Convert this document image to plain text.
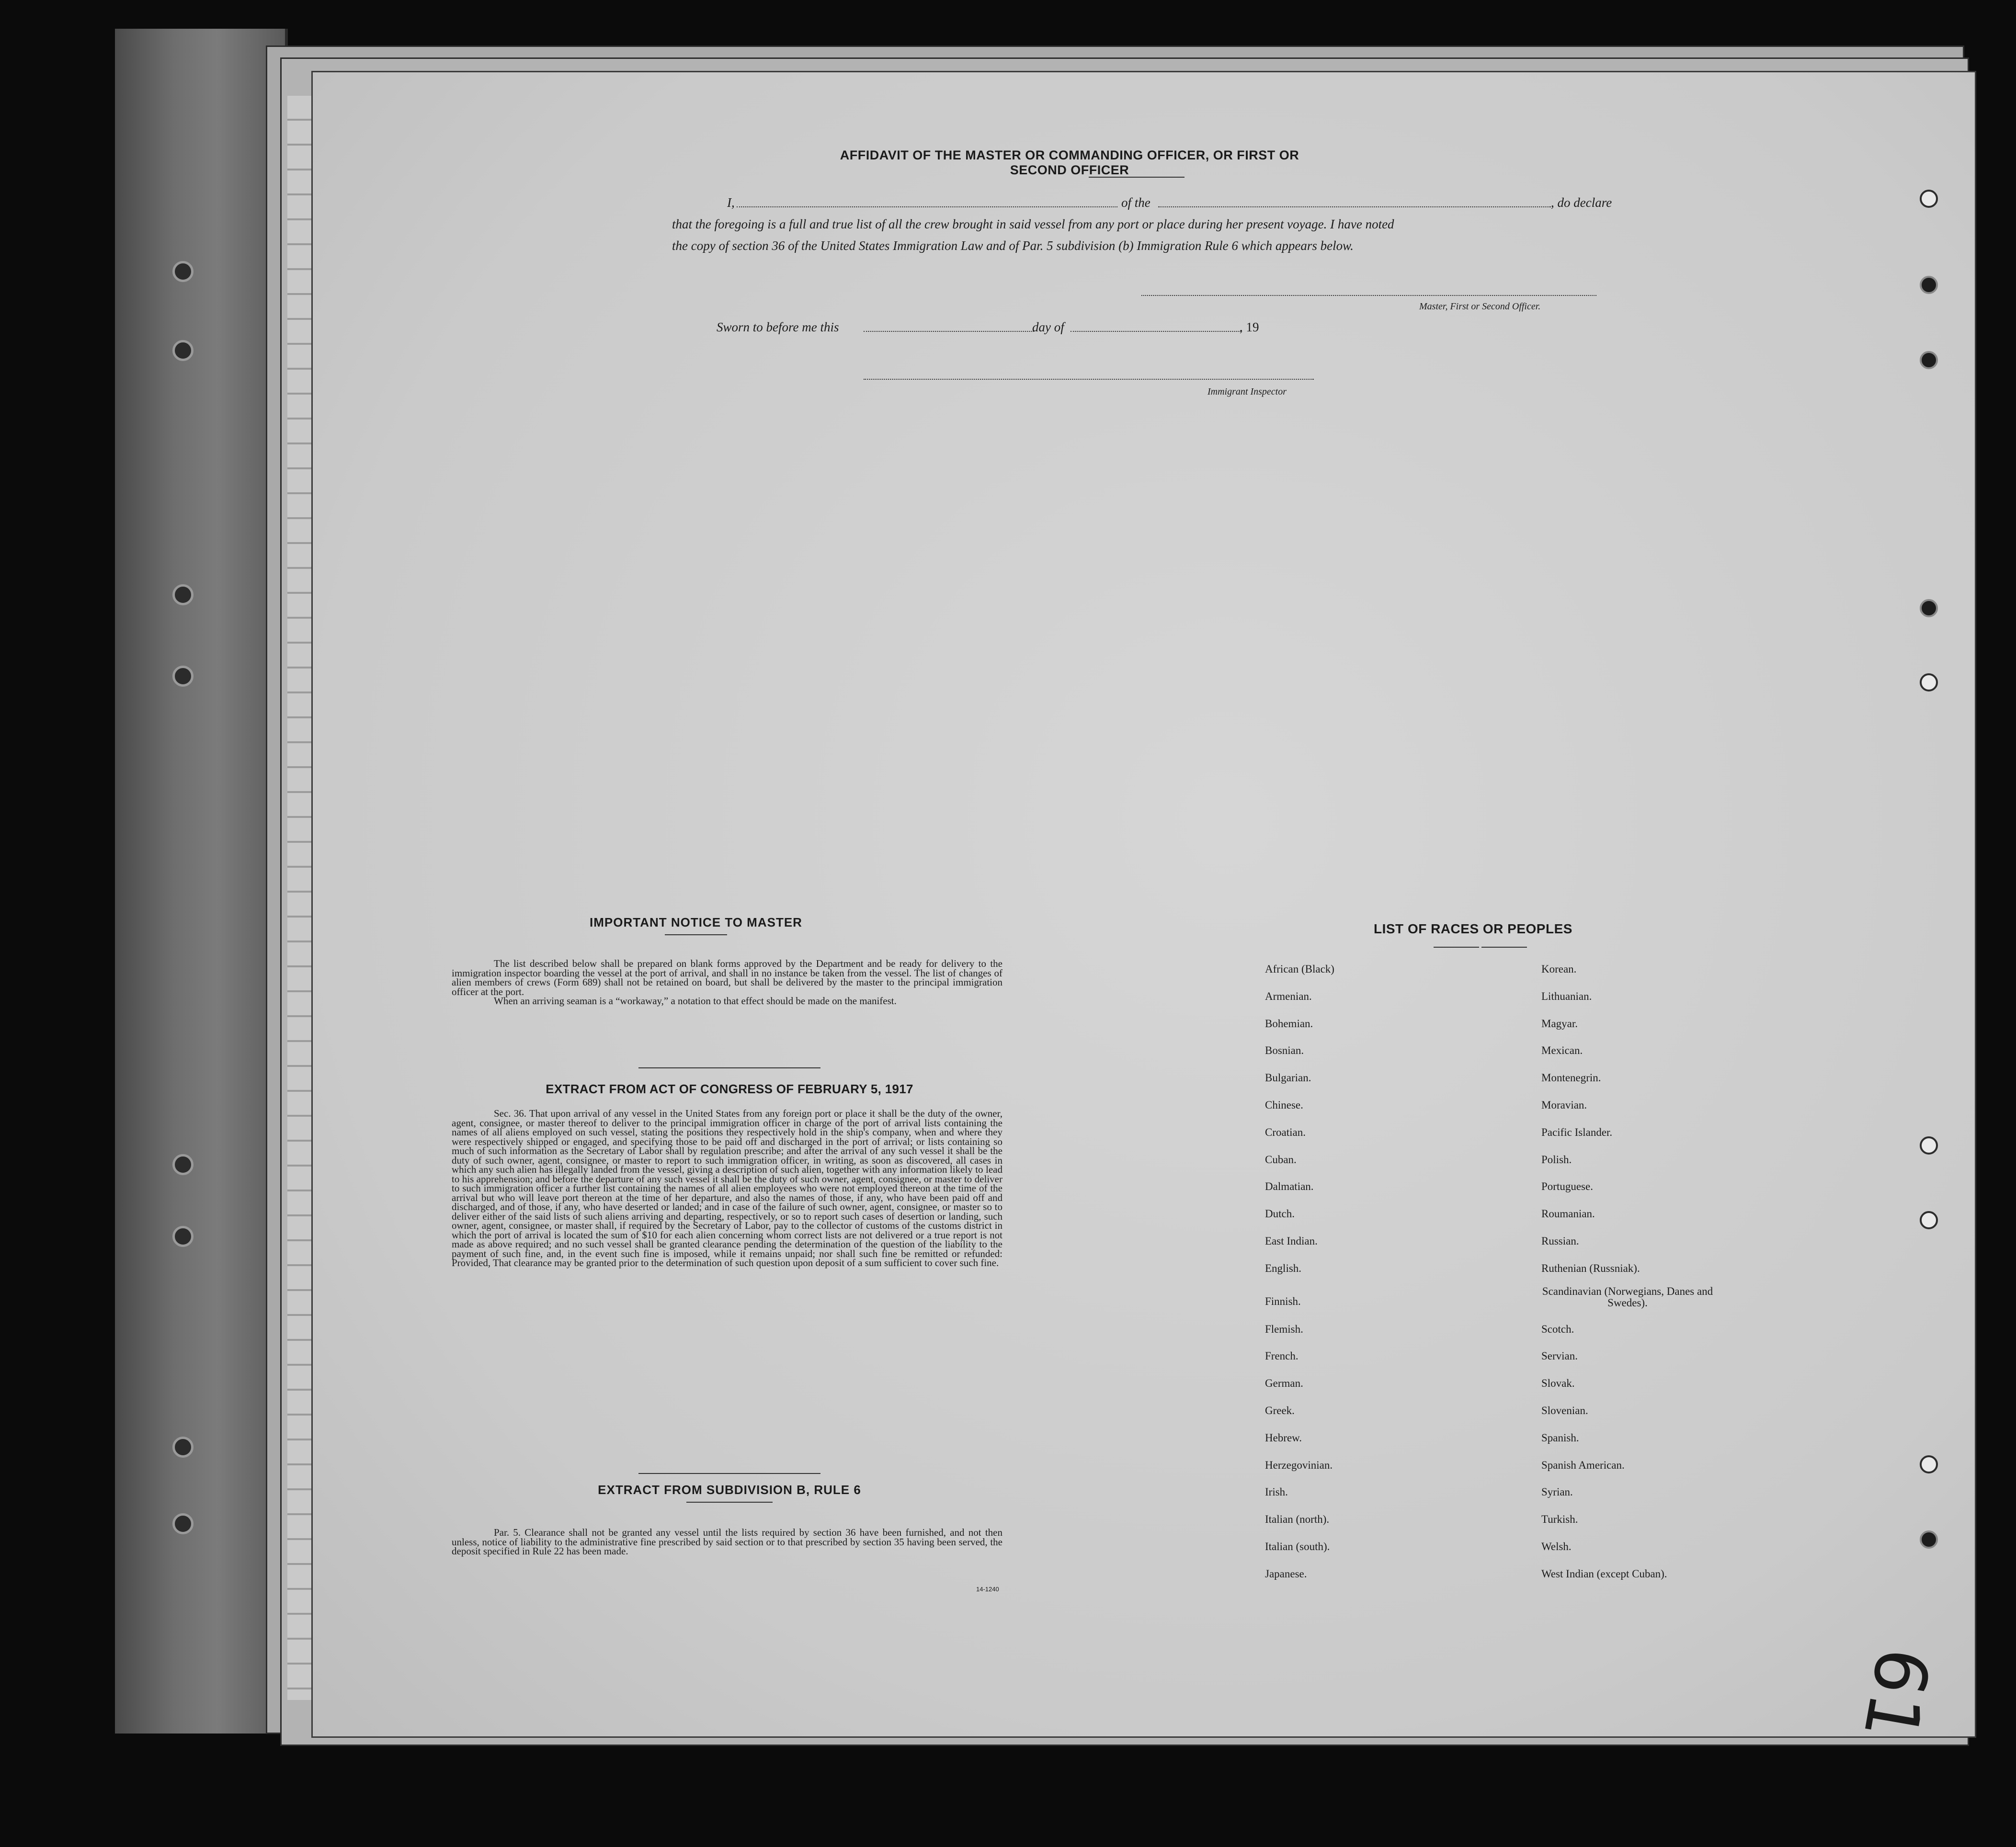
AFFIDAVIT OF THE MASTER OR COMMANDING OFFICER, OR FIRST OR SECOND OFFICER
I,	of the	, do declare
that the foregoing is a full and true list of all the crew brought in said vessel from any port or place during her present voyage. I have noted
the copy of section 36 of the United States Immigration Law and of Par. 5 subdivision (b) Immigration Rule 6 which appears below.
Master, First or Second Officer.
Sworn to before me this	day of	, 19
Immigrant Inspector
IMPORTANT NOTICE TO MASTER

The list described below shall be prepared on blank forms approved by the Department and be ready for delivery to the immigration inspector boarding the vessel at the port of arrival, and shall in no instance be taken from the vessel. The list of changes of alien members of crews (Form 689) shall not be retained on board, but shall be delivered by the master to the principal immigration officer at the port.

When an arriving seaman is a “workaway,” a notation to that effect should be made on the manifest.

EXTRACT FROM ACT OF CONGRESS OF FEBRUARY 5, 1917

Sec. 36. That upon arrival of any vessel in the United States from any foreign port or place it shall be the duty of the owner, agent, consignee, or master thereof to deliver to the principal immigration officer in charge of the port of arrival lists containing the names of all aliens employed on such vessel, stating the positions they respectively hold in the ship's company, when and where they were respectively shipped or engaged, and specifying those to be paid off and discharged in the port of arrival; or lists containing so much of such information as the Secretary of Labor shall by regulation prescribe; and after the arrival of any such vessel it shall be the duty of such owner, agent, consignee, or master to report to such immigration officer, in writing, as soon as discovered, all cases in which any such alien has illegally landed from the vessel, giving a description of such alien, together with any information likely to lead to his apprehension; and before the departure of any such vessel it shall be the duty of such owner, agent, consignee, or master to deliver to such immigration officer a further list containing the names of all alien employees who were not employed thereon at the time of the arrival but who will leave port thereon at the time of her departure, and also the names of those, if any, who have been paid off and discharged, and of those, if any, who have deserted or landed; and in case of the failure of such owner, agent, consignee, or master so to deliver either of the said lists of such aliens arriving and departing, respectively, or so to report such cases of desertion or landing, such owner, agent, consignee, or master shall, if required by the Secretary of Labor, pay to the collector of customs of the customs district in which the port of arrival is located the sum of $10 for each alien concerning whom correct lists are not delivered or a true report is not made as above required; and no such vessel shall be granted clearance pending the determination of the question of the liability to the payment of such fine, and, in the event such fine is imposed, while it remains unpaid; nor shall such fine be remitted or refunded: Provided, That clearance may be granted prior to the determination of such question upon deposit of a sum sufficient to cover such fine.

EXTRACT FROM SUBDIVISION B, RULE 6

Par. 5. Clearance shall not be granted any vessel until the lists required by section 36 have been furnished, and not then unless, notice of liability to the administrative fine prescribed by said section or to that prescribed by section 35 having been served, the deposit specified in Rule 22 has been made.

14-1240
LIST OF RACES OR PEOPLES
61
African (Black)
Armenian.
Bohemian.
Bosnian.
Bulgarian.
Chinese.
Croatian.
Cuban.
Dalmatian.
Dutch.
East Indian.
English.
Finnish.
Flemish.
French.
German.
Greek.
Hebrew.
Herzegovinian.
Irish.
Italian (north).
Italian (south).
Japanese.
Korean.
Lithuanian.
Magyar.
Mexican.
Montenegrin.
Moravian.
Pacific Islander.
Polish.
Portuguese.
Roumanian.
Russian.
Ruthenian (Russniak).
Scandinavian (Norwegians, Danes and Swedes).
Scotch.
Servian.
Slovak.
Slovenian.
Spanish.
Spanish American.
Syrian.
Turkish.
Welsh.
West Indian (except Cuban).
